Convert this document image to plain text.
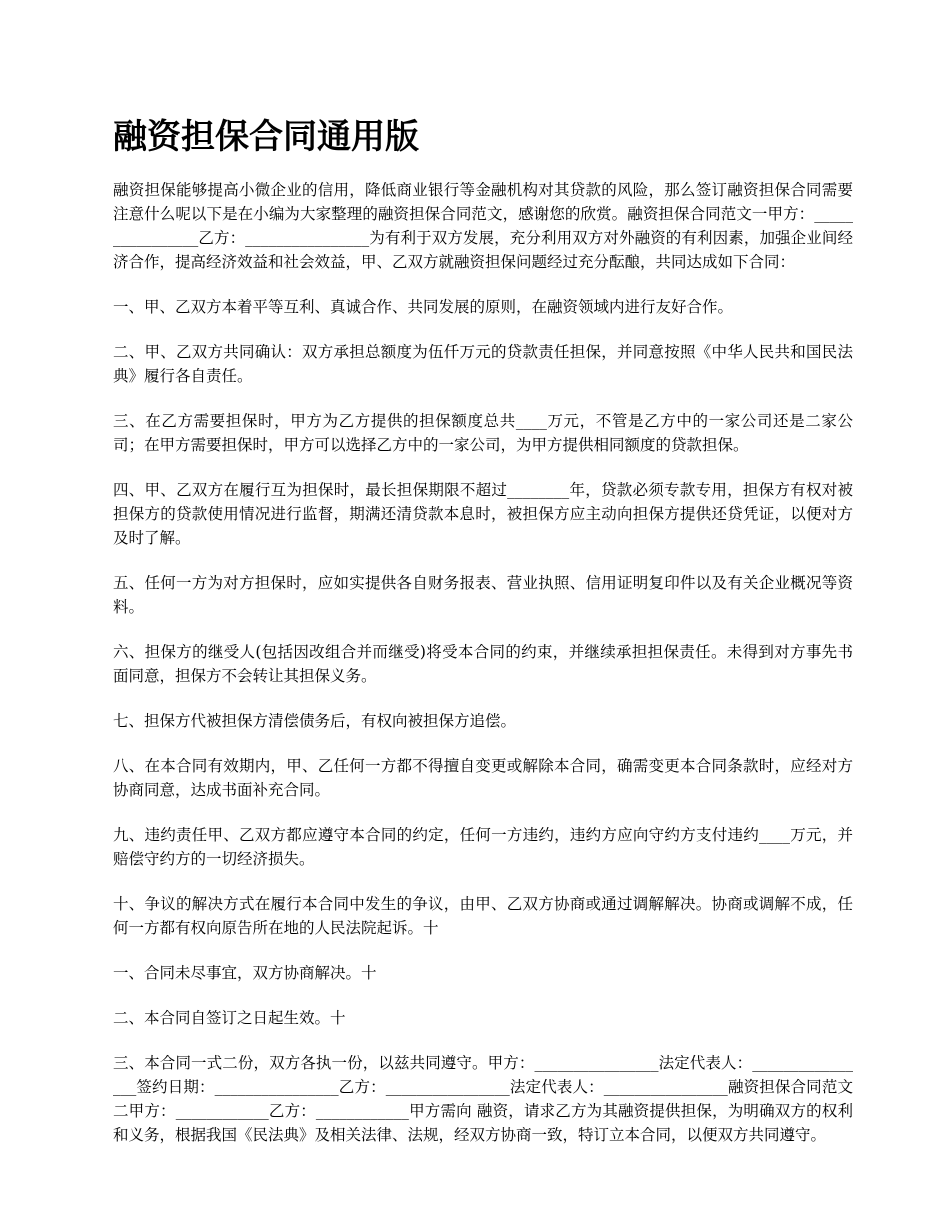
融资担保合同通用版

融资担保能够提高小微企业的信用，降低商业银行等金融机构对其贷款的风险，那么签订融资担保合同需要注意什么呢以下是在小编为大家整理的融资担保合同范文，感谢您的欣赏。融资担保合同范文一甲方：________________乙方：________________为有利于双方发展，充分利用双方对外融资的有利因素，加强企业间经济合作，提高经济效益和社会效益，甲、乙双方就融资担保问题经过充分酝酿，共同达成如下合同：

一、甲、乙双方本着平等互利、真诚合作、共同发展的原则，在融资领域内进行友好合作。

二、甲、乙双方共同确认：双方承担总额度为伍仟万元的贷款责任担保，并同意按照《中华人民共和国民法典》履行各自责任。

三、在乙方需要担保时，甲方为乙方提供的担保额度总共____万元，不管是乙方中的一家公司还是二家公司；在甲方需要担保时，甲方可以选择乙方中的一家公司，为甲方提供相同额度的贷款担保。

四、甲、乙双方在履行互为担保时，最长担保期限不超过________年，贷款必须专款专用，担保方有权对被担保方的贷款使用情况进行监督，期满还清贷款本息时，被担保方应主动向担保方提供还贷凭证，以便对方及时了解。

五、任何一方为对方担保时，应如实提供各自财务报表、营业执照、信用证明复印件以及有关企业概况等资料。

六、担保方的继受人(包括因改组合并而继受)将受本合同的约束，并继续承担担保责任。未得到对方事先书面同意，担保方不会转让其担保义务。

七、担保方代被担保方清偿债务后，有权向被担保方追偿。

八、在本合同有效期内，甲、乙任何一方都不得擅自变更或解除本合同，确需变更本合同条款时，应经对方协商同意，达成书面补充合同。

九、违约责任甲、乙双方都应遵守本合同的约定，任何一方违约，违约方应向守约方支付违约____万元，并赔偿守约方的一切经济损失。

十、争议的解决方式在履行本合同中发生的争议，由甲、乙双方协商或通过调解解决。协商或调解不成，任何一方都有权向原告所在地的人民法院起诉。十

一、合同未尽事宜，双方协商解决。十

二、本合同自签订之日起生效。十

三、本合同一式二份，双方各执一份，以兹共同遵守。甲方：________________法定代表人：________________签约日期：________________乙方：________________法定代表人：________________融资担保合同范文二甲方：____________乙方：____________甲方需向 融资，请求乙方为其融资提供担保，为明确双方的权利和义务，根据我国《民法典》及相关法律、法规，经双方协商一致，特订立本合同，以便双方共同遵守。
